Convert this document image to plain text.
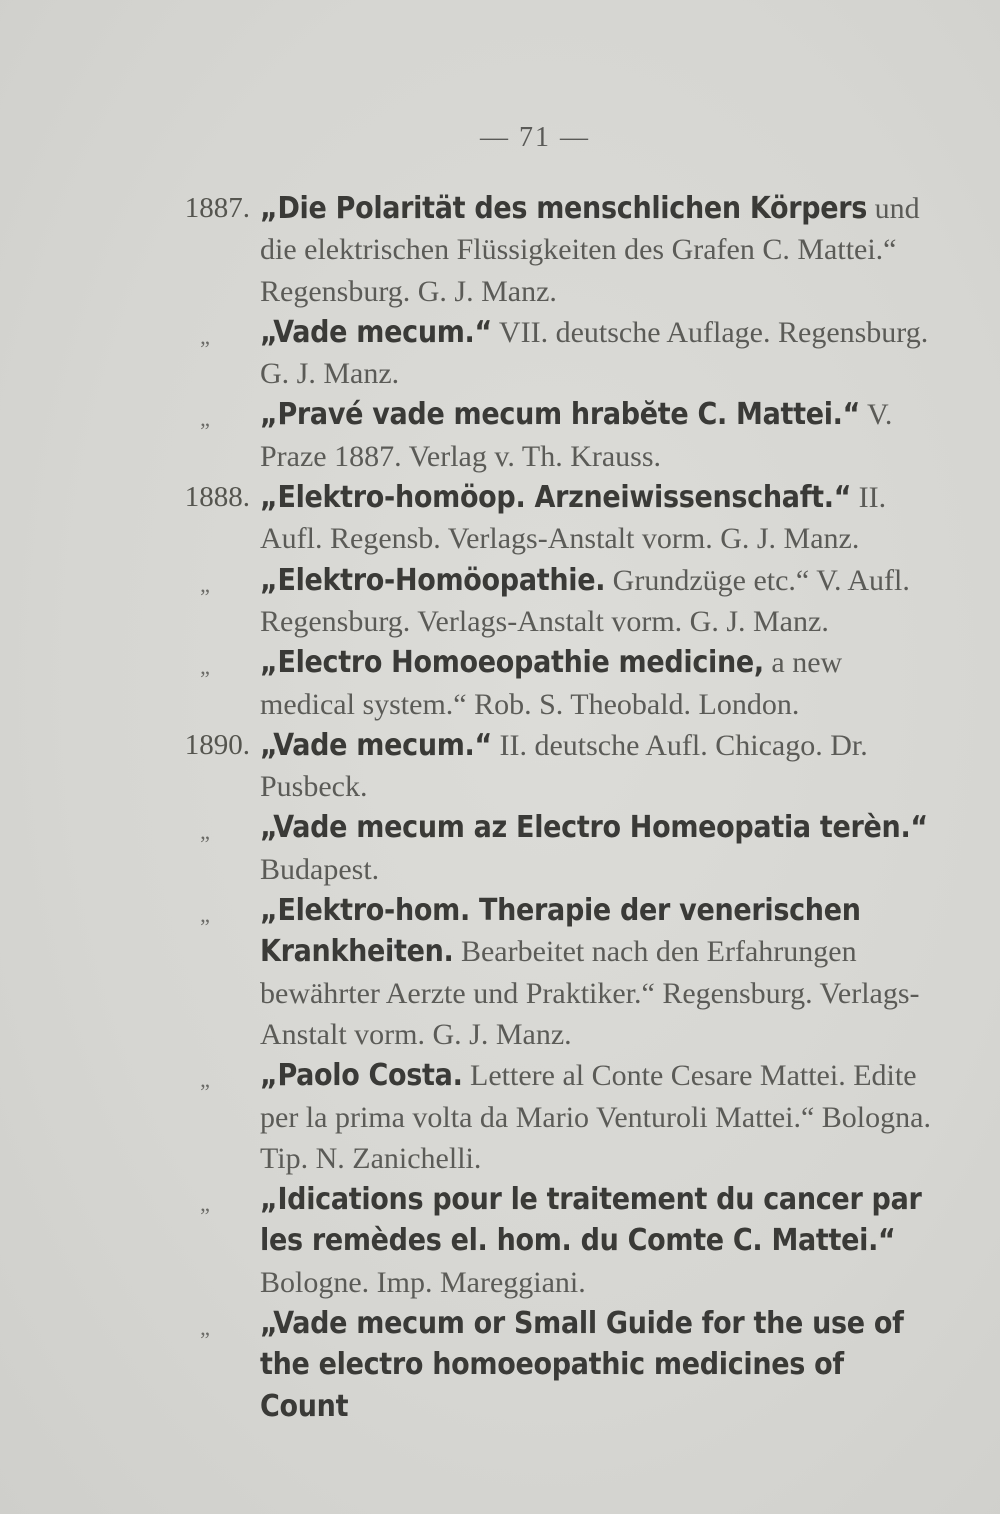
— 71 —
1887. „Die Polarität des menschlichen Körpers und die elektrischen Flüssigkeiten des Grafen C. Mattei.“ Regensburg. G. J. Manz.
„	„Vade mecum.“ VII. deutsche Auflage. Regensburg. G. J. Manz.
„	„Pravé vade mecum hrabĕte C. Mattei.“ V. Praze 1887. Verlag v. Th. Krauss.
1888. „Elektro-homöop. Arzneiwissenschaft.“ II. Aufl. Regensb. Verlags-Anstalt vorm. G. J. Manz.
„	„Elektro-Homöopathie. Grundzüge etc.“ V. Aufl. Regensburg. Verlags-Anstalt vorm. G. J. Manz.
„	„Electro Homoeopathie medicine, a new medical system.“ Rob. S. Theobald. London.
1890. „Vade mecum.“ II. deutsche Aufl. Chicago. Dr. Pusbeck.
„	„Vade mecum az Electro Homeopatia terèn.“ Budapest.
„	„Elektro-hom. Therapie der venerischen Krankheiten. Bearbeitet nach den Erfahrungen bewährter Aerzte und Praktiker.“ Regensburg. Verlags-Anstalt vorm. G. J. Manz.
„	„Paolo Costa. Lettere al Conte Cesare Mattei. Edite per la prima volta da Mario Venturoli Mattei.“ Bologna. Tip. N. Zanichelli.
„	„Idications pour le traitement du cancer par les remèdes el. hom. du Comte C. Mattei.“ Bologne. Imp. Mareggiani.
„	„Vade mecum or Small Guide for the use of the electro homoeopathic medicines of Count
